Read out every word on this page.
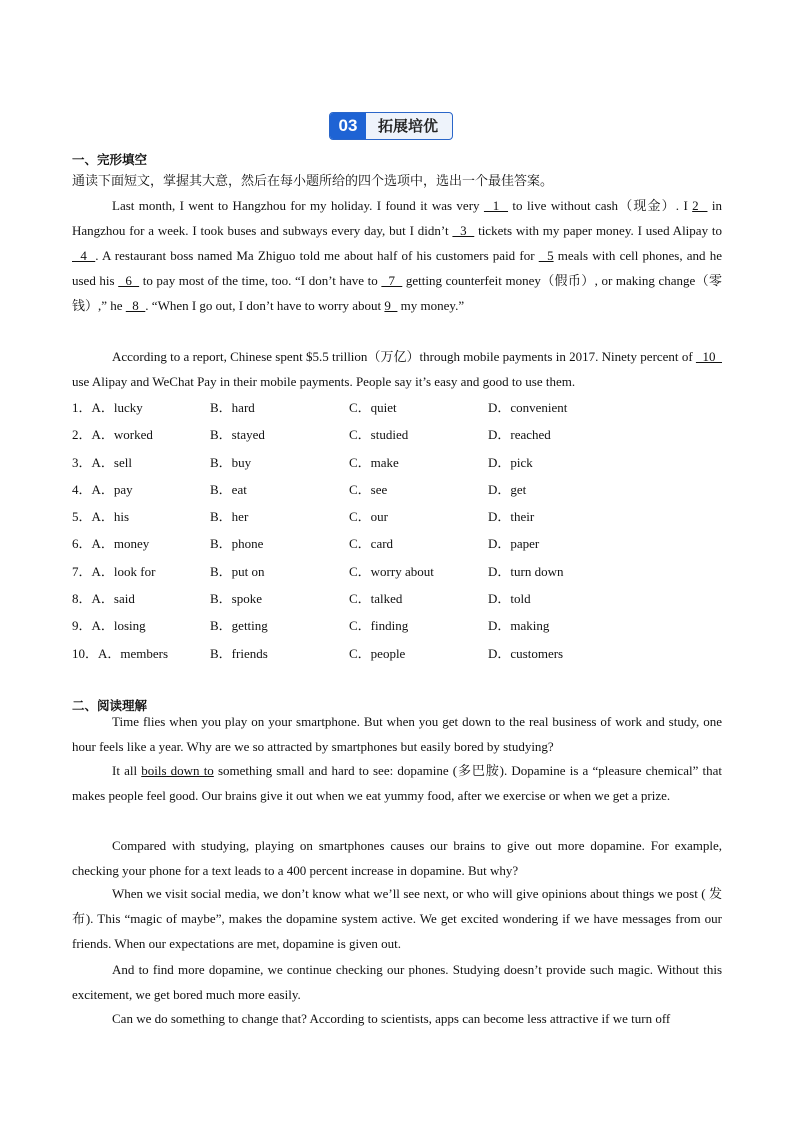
03	拓展培优
一、完形填空
通读下面短文，掌握其大意，然后在每小题所给的四个选项中，选出一个最佳答案。
Last month, I went to Hangzhou for my holiday. I found it was very   1   to live without cash（现金）. I 2   in Hangzhou for a week. I took buses and subways every day, but I didn’t   3   tickets with my paper money. I used Alipay to   4  . A restaurant boss named Ma Zhiguo told me about half of his customers paid for   5 meals with cell phones, and he used his   6   to pay most of the time, too. “I don’t have to   7   getting counterfeit money（假币）, or making change（零钱）,” he   8  . “When I go out, I don’t have to worry about 9   my money.”
According to a report, Chinese spent $5.5 trillion（万亿）through mobile payments in 2017. Ninety percent of   10   use Alipay and WeChat Pay in their mobile payments. People say it’s easy and good to use them.
1．A．lucky	B．hard	C．quiet	D．convenient
2．A．worked	B．stayed	C．studied	D．reached
3．A．sell	B．buy	C．make	D．pick
4．A．pay	B．eat	C．see	D．get
5．A．his	B．her	C．our	D．their
6．A．money	B．phone	C．card	D．paper
7．A．look for	B．put on	C．worry about	D．turn down
8．A．said	B．spoke	C．talked	D．told
9．A．losing	B．getting	C．finding	D．making
10．A．members	B．friends	C．people	D．customers
二、阅读理解
Time flies when you play on your smartphone. But when you get down to the real business of work and study, one hour feels like a year. Why are we so attracted by smartphones but easily bored by studying?
It all boils down to something small and hard to see: dopamine (多巴胺). Dopamine is a “pleasure chemical” that makes people feel good. Our brains give it out when we eat yummy food, after we exercise or when we get a prize.
Compared with studying, playing on smartphones causes our brains to give out more dopamine. For example, checking your phone for a text leads to a 400 percent increase in dopamine. But why?
When we visit social media, we don’t know what we’ll see next, or who will give opinions about things we post ( 发布). This “magic of maybe”, makes the dopamine system active. We get excited wondering if we have messages from our friends. When our expectations are met, dopamine is given out.
And to find more dopamine, we continue checking our phones. Studying doesn’t provide such magic. Without this excitement, we get bored much more easily.
Can we do something to change that? According to scientists, apps can become less attractive if we turn off
